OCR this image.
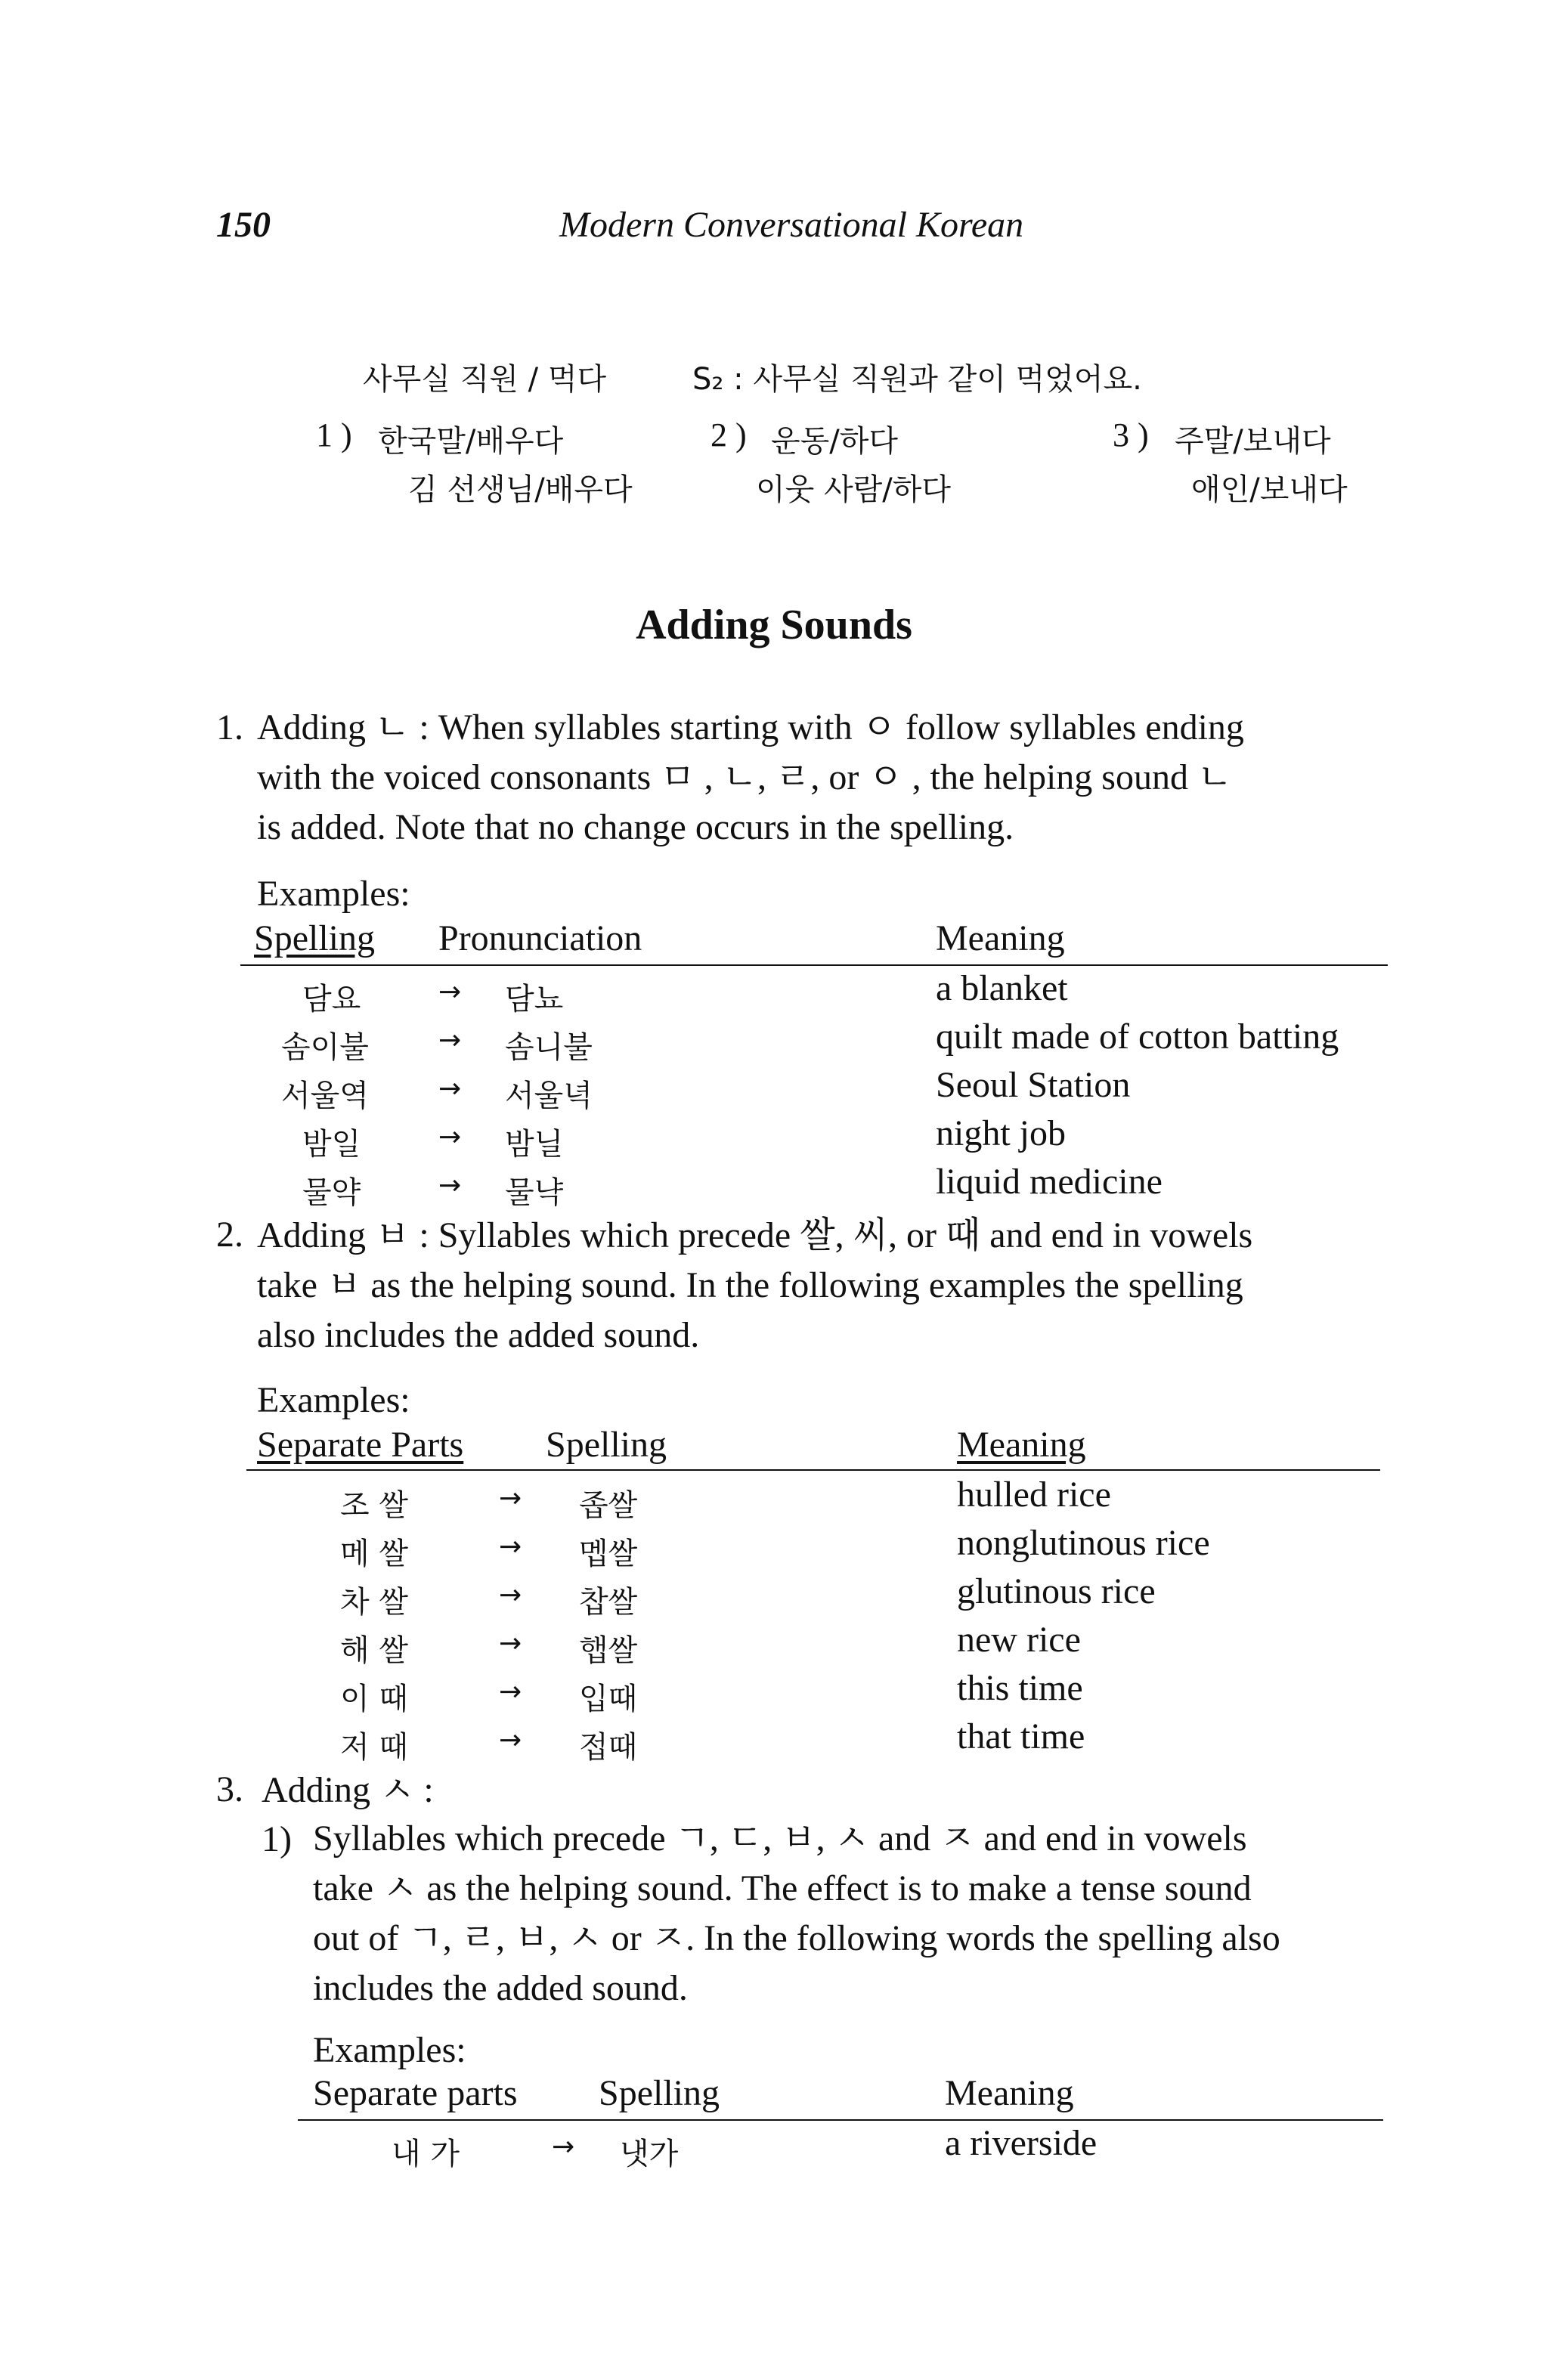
150	Modern Conversational Korean
사무실 직원 / 먹다	S₂ : 사무실 직원과 같이 먹었어요.
1 ) 한국말/배우다
김 선생님/배우다
2 ) 운동/하다
이웃 사람/하다
3 ) 주말/보내다
애인/보내다
Adding Sounds
1. Adding ㄴ : When syllables starting with ㅇ follow syllables ending
with the voiced consonants ㅁ , ㄴ, ㄹ, or ㅇ , the helping sound ㄴ
is added. Note that no change occurs in the spelling.
Examples:
Spelling Pronunciation	Meaning
담요	→ 담뇨	a blanket
솜이불	→ 솜니불	quilt made of cotton batting
서울역	→ 서울녁	Seoul Station
밤일	→ 밤닐	night job
물약	→ 물냑	liquid medicine
2. Adding ㅂ : Syllables which precede 쌀, 씨, or 때 and end in vowels
take ㅂ as the helping sound. In the following examples the spelling
also includes the added sound.
Examples:
Separate Parts Spelling	Meaning
조 쌀	→ 좁쌀	hulled rice
메 쌀	→ 멥쌀	nonglutinous rice
차 쌀	→ 찹쌀	glutinous rice
해 쌀	→ 햅쌀	new rice
이 때	→ 입때	this time
저 때	→ 접때	that time
3. Adding ㅅ :
1) Syllables which precede ㄱ, ㄷ, ㅂ, ㅅ and ㅈ and end in vowels
take ㅅ as the helping sound. The effect is to make a tense sound
out of ㄱ, ㄹ, ㅂ, ㅅ or ㅈ. In the following words the spelling also
includes the added sound.
Examples:
Separate parts Spelling	Meaning
내 가	→ 냇가	a riverside
